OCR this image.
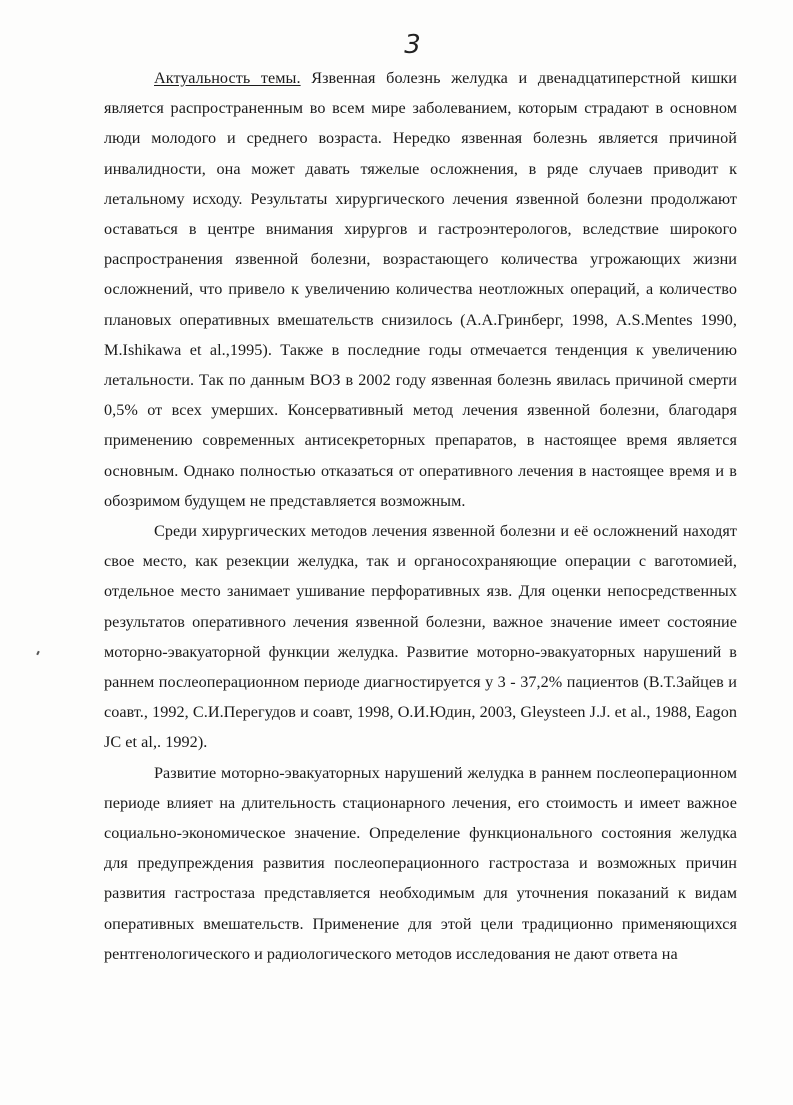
3

Актуальность темы. Язвенная болезнь желудка и двенадцатиперстной кишки является распространенным во всем мире заболеванием, которым страдают в основном люди молодого и среднего возраста. Нередко язвенная болезнь является причиной инвалидности, она может давать тяжелые осложнения, в ряде случаев приводит к летальному исходу. Результаты хирургического лечения язвенной болезни продолжают оставаться в центре внимания хирургов и гастроэнтерологов, вследствие широкого распространения язвенной болезни, возрастающего количества угрожающих жизни осложнений, что привело к увеличению количества неотложных операций, а количество плановых оперативных вмешательств снизилось (А.А.Гринберг, 1998, A.S.Mentes 1990, M.Ishikawa et al.,1995). Также в последние годы отмечается тенденция к увеличению летальности. Так по данным ВОЗ в 2002 году язвенная болезнь явилась причиной смерти 0,5% от всех умерших. Консервативный метод лечения язвенной болезни, благодаря применению современных антисекреторных препаратов, в настоящее время является основным. Однако полностью отказаться от оперативного лечения в настоящее время и в обозримом будущем не представляется возможным.

Среди хирургических методов лечения язвенной болезни и её осложнений находят свое место, как резекции желудка, так и органосохраняющие операции с ваготомией, отдельное место занимает ушивание перфоративных язв. Для оценки непосредственных результатов оперативного лечения язвенной болезни, важное значение имеет состояние моторно-эвакуаторной функции желудка. Развитие моторно-эвакуаторных нарушений в раннем послеоперационном периоде диагностируется у 3 - 37,2% пациентов (В.Т.Зайцев и соавт., 1992, С.И.Перегудов и соавт, 1998, О.И.Юдин, 2003, Gleysteen J.J. et al., 1988, Eagon JC et al,. 1992).

Развитие моторно-эвакуаторных нарушений желудка в раннем послеоперационном периоде влияет на длительность стационарного лечения, его стоимость и имеет важное социально-экономическое значение. Определение функционального состояния желудка для предупреждения развития послеоперационного гастростаза и возможных причин развития гастростаза представляется необходимым для уточнения показаний к видам оперативных вмешательств. Применение для этой цели традиционно применяющихся рентгенологического и радиологического методов исследования не дают ответа на
